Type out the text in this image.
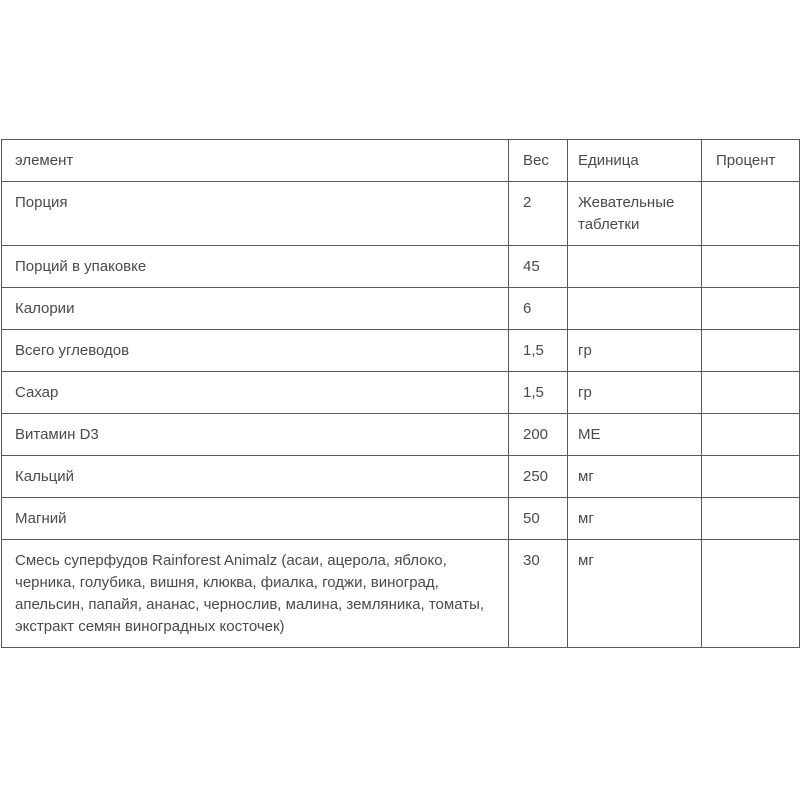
элемент	Вес	Единица	Процент
Порция	2	Жевательные таблетки	
Порций в упаковке	45		
Калории	6		
Всего углеводов	1,5	гр	
Сахар	1,5	гр	
Витамин D3	200	МЕ	
Кальций	250	мг	
Магний	50	мг	
Смесь суперфудов Rainforest Animalz (асаи, ацерола, яблоко, черника, голубика, вишня, клюква, фиалка, годжи, виноград, апельсин, папайя, ананас, чернослив, малина, земляника, томаты, экстракт семян виноградных косточек)	30	мг	
